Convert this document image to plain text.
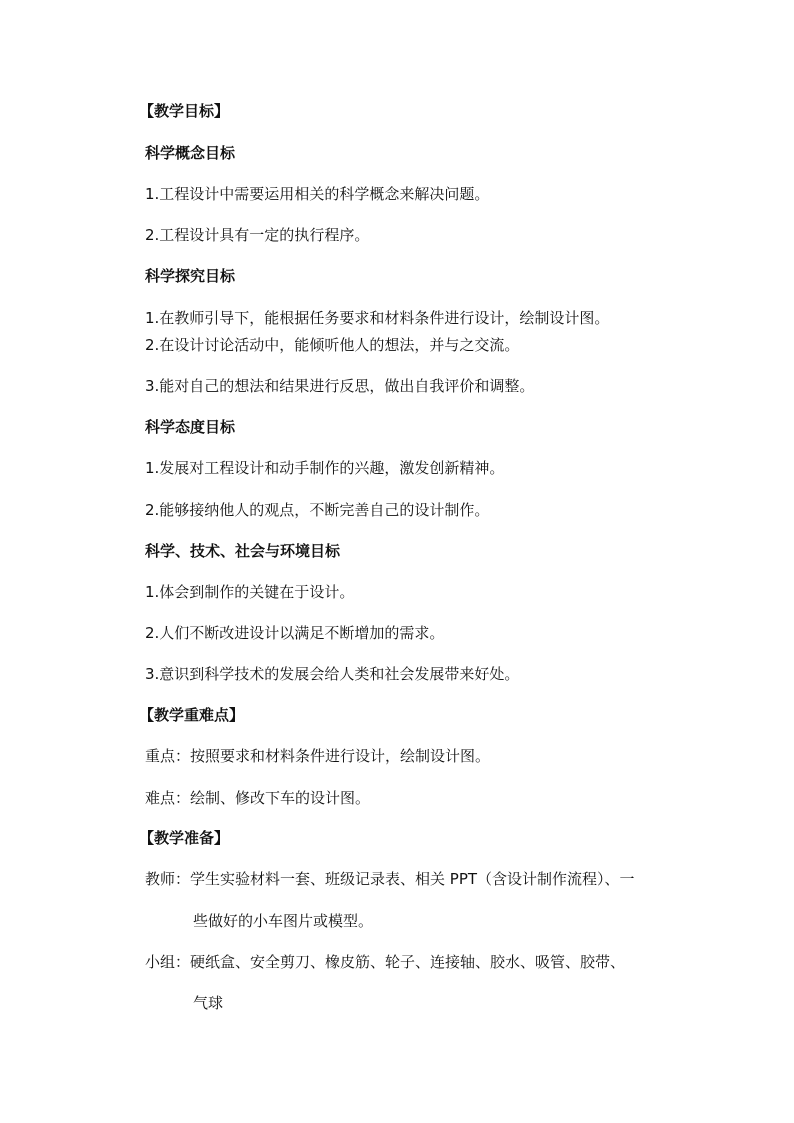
【教学目标】
科学概念目标
1.工程设计中需要运用相关的科学概念来解决问题。
2.工程设计具有一定的执行程序。
科学探究目标
1.在教师引导下，能根据任务要求和材料条件进行设计，绘制设计图。
2.在设计讨论活动中，能倾听他人的想法，并与之交流。
3.能对自己的想法和结果进行反思，做出自我评价和调整。
科学态度目标
1.发展对工程设计和动手制作的兴趣，激发创新精神。
2.能够接纳他人的观点，不断完善自己的设计制作。
科学、技术、社会与环境目标
1.体会到制作的关键在于设计。
2.人们不断改进设计以满足不断增加的需求。
3.意识到科学技术的发展会给人类和社会发展带来好处。
【教学重难点】
重点：按照要求和材料条件进行设计，绘制设计图。
难点：绘制、修改下车的设计图。
【教学准备】
教师：学生实验材料一套、班级记录表、相关 PPT（含设计制作流程）、一
些做好的小车图片或模型。
小组：硬纸盒、安全剪刀、橡皮筋、轮子、连接轴、胶水、吸管、胶带、
气球
